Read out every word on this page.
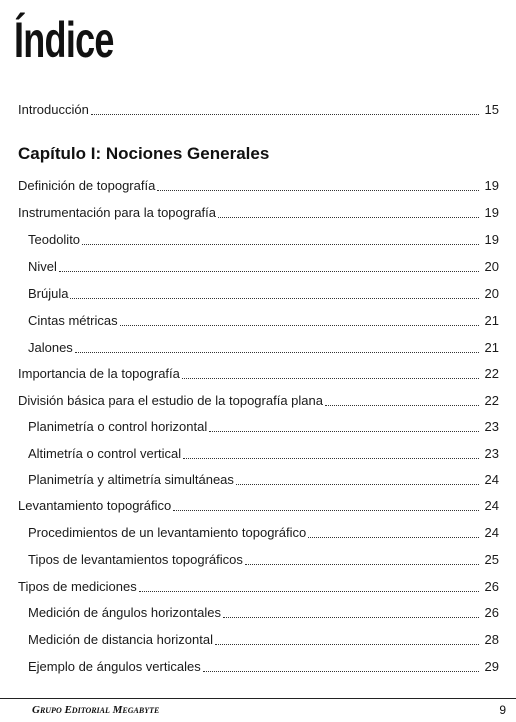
Índice
Introducción	15
Capítulo I: Nociones Generales
Definición de topografía	19
Instrumentación para la topografía	19
Teodolito	19
Nivel	20
Brújula	20
Cintas métricas	21
Jalones	21
Importancia de la topografía	22
División básica para el estudio de la topografía plana	22
Planimetría o control horizontal	23
Altimetría o control vertical	23
Planimetría y altimetría simultáneas	24
Levantamiento topográfico	24
Procedimientos de un levantamiento topográfico	24
Tipos de levantamientos topográficos	25
Tipos de mediciones	26
Medición de ángulos horizontales	26
Medición de distancia horizontal	28
Ejemplo de ángulos verticales	29
Grupo Editorial Megabyte	9
